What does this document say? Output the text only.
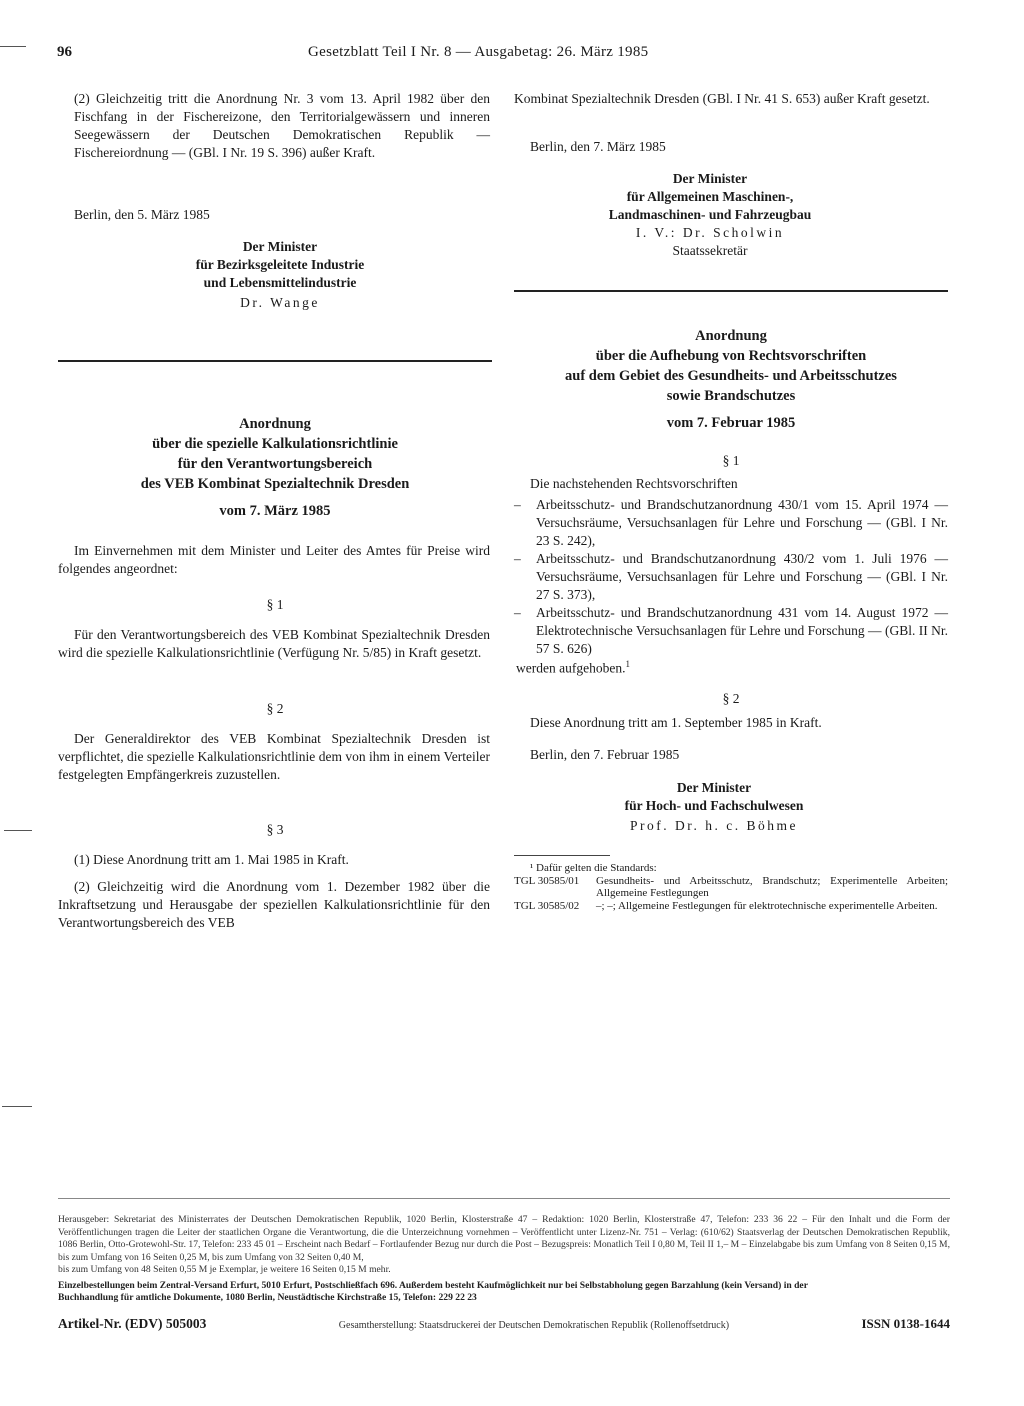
96	Gesetzblatt Teil I Nr. 8 — Ausgabetag: 26. März 1985

(2) Gleichzeitig tritt die Anordnung Nr. 3 vom 13. April 1982 über den Fischfang in der Fischereizone, den Territorialgewässern und inneren Seegewässern der Deutschen Demokratischen Republik — Fischereiordnung — (GBl. I Nr. 19 S. 396) außer Kraft.

Berlin, den 5. März 1985
Der Minister
für Bezirksgeleitete Industrie
und Lebensmittelindustrie
Dr. Wange
Anordnung
über die spezielle Kalkulationsrichtlinie
für den Verantwortungsbereich
des VEB Kombinat Spezialtechnik Dresden
vom 7. März 1985

Im Einvernehmen mit dem Minister und Leiter des Amtes für Preise wird folgendes angeordnet:

§ 1

Für den Verantwortungsbereich des VEB Kombinat Spezialtechnik Dresden wird die spezielle Kalkulationsrichtlinie (Verfügung Nr. 5/85) in Kraft gesetzt.

§ 2

Der Generaldirektor des VEB Kombinat Spezialtechnik Dresden ist verpflichtet, die spezielle Kalkulationsrichtlinie dem von ihm in einem Verteiler festgelegten Empfängerkreis zuzustellen.

§ 3

(1) Diese Anordnung tritt am 1. Mai 1985 in Kraft.

(2) Gleichzeitig wird die Anordnung vom 1. Dezember 1982 über die Inkraftsetzung und Herausgabe der speziellen Kalkulationsrichtlinie für den Verantwortungsbereich des VEB

Kombinat Spezialtechnik Dresden (GBl. I Nr. 41 S. 653) außer Kraft gesetzt.

Berlin, den 7. März 1985
Der Minister
für Allgemeinen Maschinen-,
Landmaschinen- und Fahrzeugbau
I. V.: Dr. Scholwin
Staatssekretär
Anordnung
über die Aufhebung von Rechtsvorschriften
auf dem Gebiet des Gesundheits- und Arbeitsschutzes
sowie Brandschutzes
vom 7. Februar 1985
§ 1
Die nachstehenden Rechtsvorschriften
–	Arbeitsschutz- und Brandschutzanordnung 430/1 vom 15. April 1974 — Versuchsräume, Versuchsanlagen für Lehre und Forschung — (GBl. I Nr. 23 S. 242),
–	Arbeitsschutz- und Brandschutzanordnung 430/2 vom 1. Juli 1976 — Versuchsräume, Versuchsanlagen für Lehre und Forschung — (GBl. I Nr. 27 S. 373),
–	Arbeitsschutz- und Brandschutzanordnung 431 vom 14. August 1972 — Elektrotechnische Versuchsanlagen für Lehre und Forschung — (GBl. II Nr. 57 S. 626)
werden aufgehoben.$^1$
§ 2
Diese Anordnung tritt am 1. September 1985 in Kraft.
Berlin, den 7. Februar 1985
Der Minister
für Hoch- und Fachschulwesen
Prof. Dr. h. c. Böhme
¹ Dafür gelten die Standards:
TGL 30585/01	Gesundheits- und Arbeitsschutz, Brandschutz; Experimentelle Arbeiten; Allgemeine Festlegungen
TGL 30585/02	–; –; Allgemeine Festlegungen für elektrotechnische experimentelle Arbeiten.
Herausgeber: Sekretariat des Ministerrates der Deutschen Demokratischen Republik, 1020 Berlin, Klosterstraße 47 – Redaktion: 1020 Berlin, Klosterstraße 47, Telefon: 233 36 22 – Für den Inhalt und die Form der Veröffentlichungen tragen die Leiter der staatlichen Organe die Verantwortung, die die Unterzeichnung vornehmen – Veröffentlicht unter Lizenz-Nr. 751 – Verlag: (610/62) Staatsverlag der Deutschen Demokratischen Republik, 1086 Berlin, Otto-Grotewohl-Str. 17, Telefon: 233 45 01 – Erscheint nach Bedarf – Fortlaufender Bezug nur durch die Post – Bezugspreis: Monatlich Teil I 0,80 M, Teil II 1,– M – Einzelabgabe bis zum Umfang von 8 Seiten 0,15 M, bis zum Umfang von 16 Seiten 0,25 M, bis zum Umfang von 32 Seiten 0,40 M,
bis zum Umfang von 48 Seiten 0,55 M je Exemplar, je weitere 16 Seiten 0,15 M mehr.
Einzelbestellungen beim Zentral-Versand Erfurt, 5010 Erfurt, Postschließfach 696. Außerdem besteht Kaufmöglichkeit nur bei Selbstabholung gegen Barzahlung (kein Versand) in der
Buchhandlung für amtliche Dokumente, 1080 Berlin, Neustädtische Kirchstraße 15, Telefon: 229 22 23
Artikel-Nr. (EDV) 505003	Gesamtherstellung: Staatsdruckerei der Deutschen Demokratischen Republik (Rollenoffsetdruck)	ISSN 0138-1644
